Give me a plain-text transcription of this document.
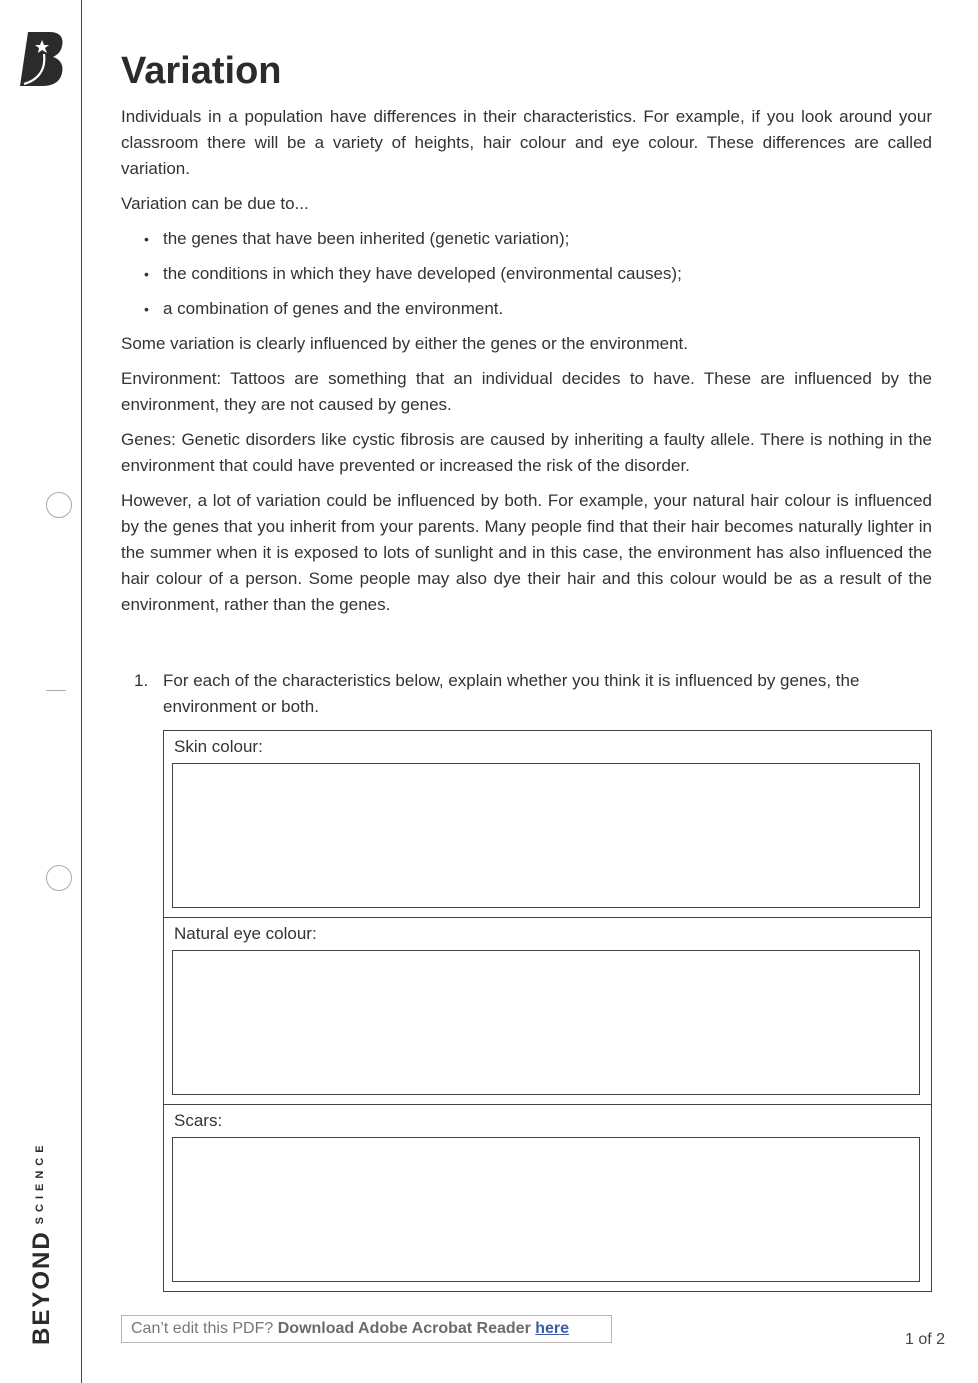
$BEYOND^{SCIENCE}$
Variation

Individuals in a population have differences in their characteristics. For example, if you look around your classroom there will be a variety of heights, hair colour and eye colour. These differences are called variation.

Variation can be due to...

• the genes that have been inherited (genetic variation);
• the conditions in which they have developed (environmental causes);
• a combination of genes and the environment.

Some variation is clearly influenced by either the genes or the environment.

Environment: Tattoos are something that an individual decides to have. These are influenced by the environment, they are not caused by genes.

Genes: Genetic disorders like cystic fibrosis are caused by inheriting a faulty allele. There is nothing in the environment that could have prevented or increased the risk of the disorder.

However, a lot of variation could be influenced by both. For example, your natural hair colour is influenced by the genes that you inherit from your parents. Many people find that their hair becomes naturally lighter in the summer when it is exposed to lots of sunlight and in this case, the environment has also influenced the hair colour of a person. Some people may also dye their hair and this colour would be as a result of the environment, rather than the genes.

1. For each of the characteristics below, explain whether you think it is influenced by genes, the environment or both.
Skin colour:
Natural eye colour:
Scars:
Can’t edit this PDF? Download Adobe Acrobat Reader here
1 of 2
